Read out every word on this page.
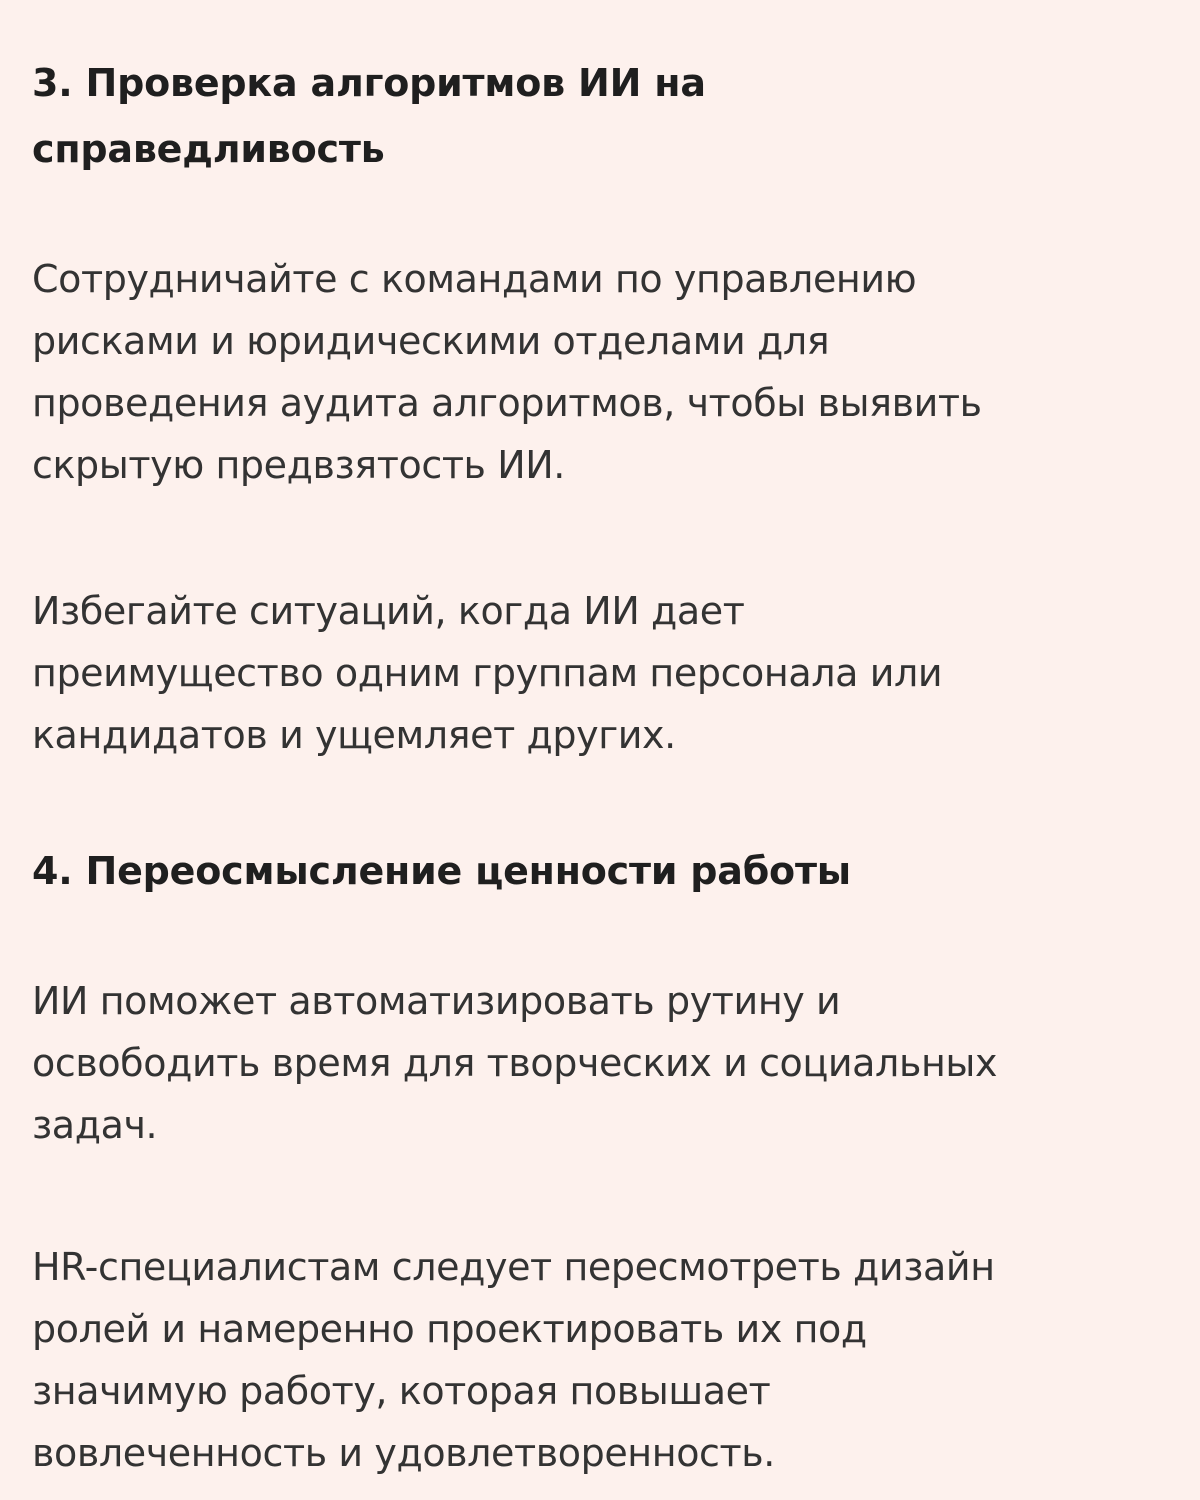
3. Проверка алгоритмов ИИ на
справедливость

Сотрудничайте с командами по управлению
рисками и юридическими отделами для
проведения аудита алгоритмов, чтобы выявить
скрытую предвзятость ИИ.

Избегайте ситуаций, когда ИИ дает
преимущество одним группам персонала или
кандидатов и ущемляет других.

4. Переосмысление ценности работы

ИИ поможет автоматизировать рутину и
освободить время для творческих и социальных
задач.

HR-специалистам следует пересмотреть дизайн
ролей и намеренно проектировать их под
значимую работу, которая повышает
вовлеченность и удовлетворенность.
